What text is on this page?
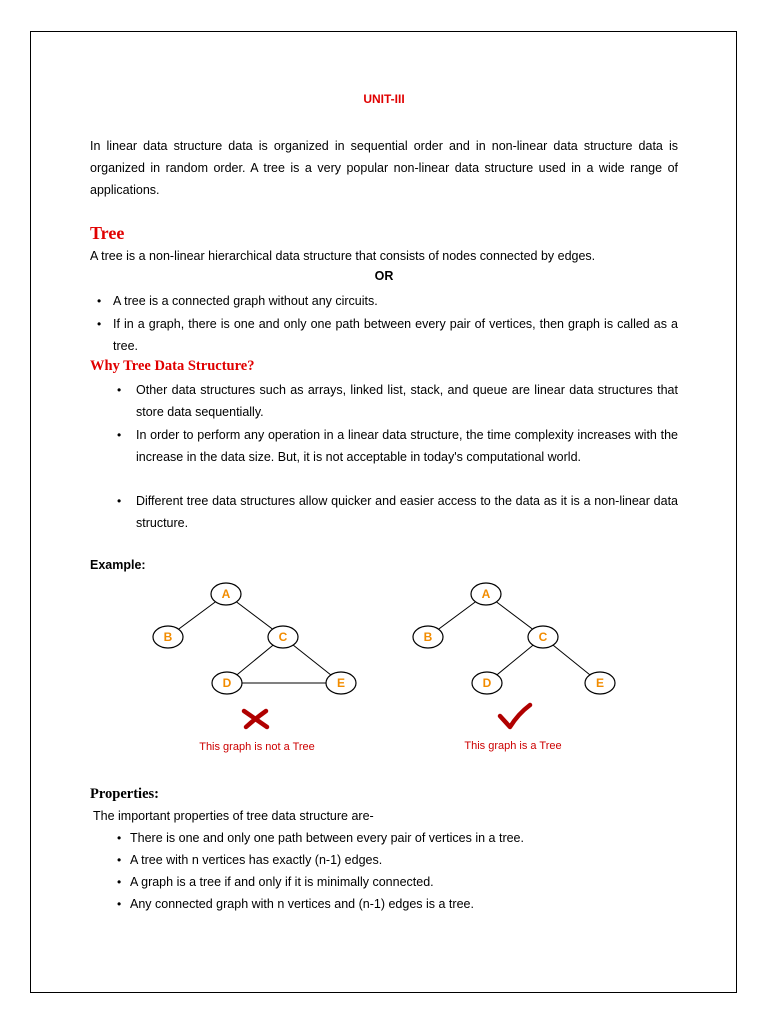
UNIT-III

In linear data structure data is organized in sequential order and in non-linear data structure data is organized in random order. A tree is a very popular non-linear data structure used in a wide range of applications.

Tree

A tree is a non-linear hierarchical data structure that consists of nodes connected by edges.

OR
• A tree is a connected graph without any circuits.
• If in a graph, there is one and only one path between every pair of vertices, then graph is called as a tree.
Why Tree Data Structure?
• Other data structures such as arrays, linked list, stack, and queue are linear data structures that store data sequentially.
• In order to perform any operation in a linear data structure, the time complexity increases with the increase in the data size. But, it is not acceptable in today's computational world.
• Different tree data structures allow quicker and easier access to the data as it is a non-linear data structure.

Example:

A
B	C
D	E
This graph is not a Tree
A
B	C
D	E
This graph is a Tree
Properties:

The important properties of tree data structure are-

• There is one and only one path between every pair of vertices in a tree.
• A tree with n vertices has exactly (n-1) edges.
• A graph is a tree if and only if it is minimally connected.
• Any connected graph with n vertices and (n-1) edges is a tree.
